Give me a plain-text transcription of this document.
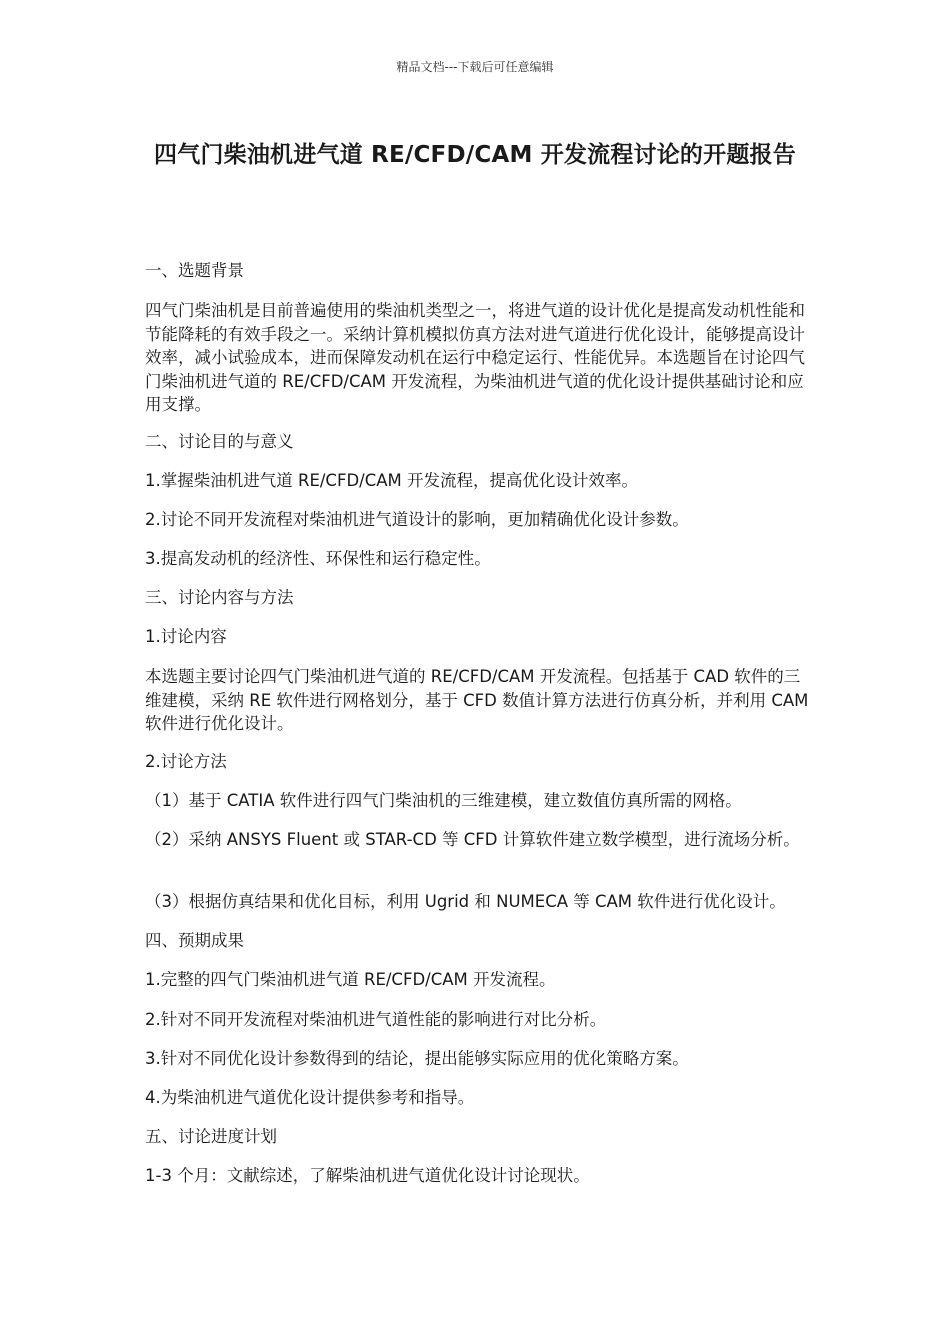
精品文档---下载后可任意编辑
四气门柴油机进气道 RE/CFD/CAM 开发流程讨论的开题报告

一、选题背景

四气门柴油机是目前普遍使用的柴油机类型之一，将进气道的设计优化是提高发动机性能和节能降耗的有效手段之一。采纳计算机模拟仿真方法对进气道进行优化设计，能够提高设计效率，减小试验成本，进而保障发动机在运行中稳定运行、性能优异。本选题旨在讨论四气门柴油机进气道的 RE/CFD/CAM 开发流程，为柴油机进气道的优化设计提供基础讨论和应用支撑。

二、讨论目的与意义

1.掌握柴油机进气道 RE/CFD/CAM 开发流程，提高优化设计效率。

2.讨论不同开发流程对柴油机进气道设计的影响，更加精确优化设计参数。

3.提高发动机的经济性、环保性和运行稳定性。

三、讨论内容与方法

1.讨论内容

本选题主要讨论四气门柴油机进气道的 RE/CFD/CAM 开发流程。包括基于 CAD 软件的三维建模，采纳 RE 软件进行网格划分，基于 CFD 数值计算方法进行仿真分析，并利用 CAM 软件进行优化设计。

2.讨论方法

（1）基于 CATIA 软件进行四气门柴油机的三维建模，建立数值仿真所需的网格。

（2）采纳 ANSYS Fluent 或 STAR-CD 等 CFD 计算软件建立数学模型，进行流场分析。

（3）根据仿真结果和优化目标，利用 Ugrid 和 NUMECA 等 CAM 软件进行优化设计。

四、预期成果

1.完整的四气门柴油机进气道 RE/CFD/CAM 开发流程。

2.针对不同开发流程对柴油机进气道性能的影响进行对比分析。

3.针对不同优化设计参数得到的结论，提出能够实际应用的优化策略方案。

4.为柴油机进气道优化设计提供参考和指导。

五、讨论进度计划

1-3 个月：文献综述，了解柴油机进气道优化设计讨论现状。
